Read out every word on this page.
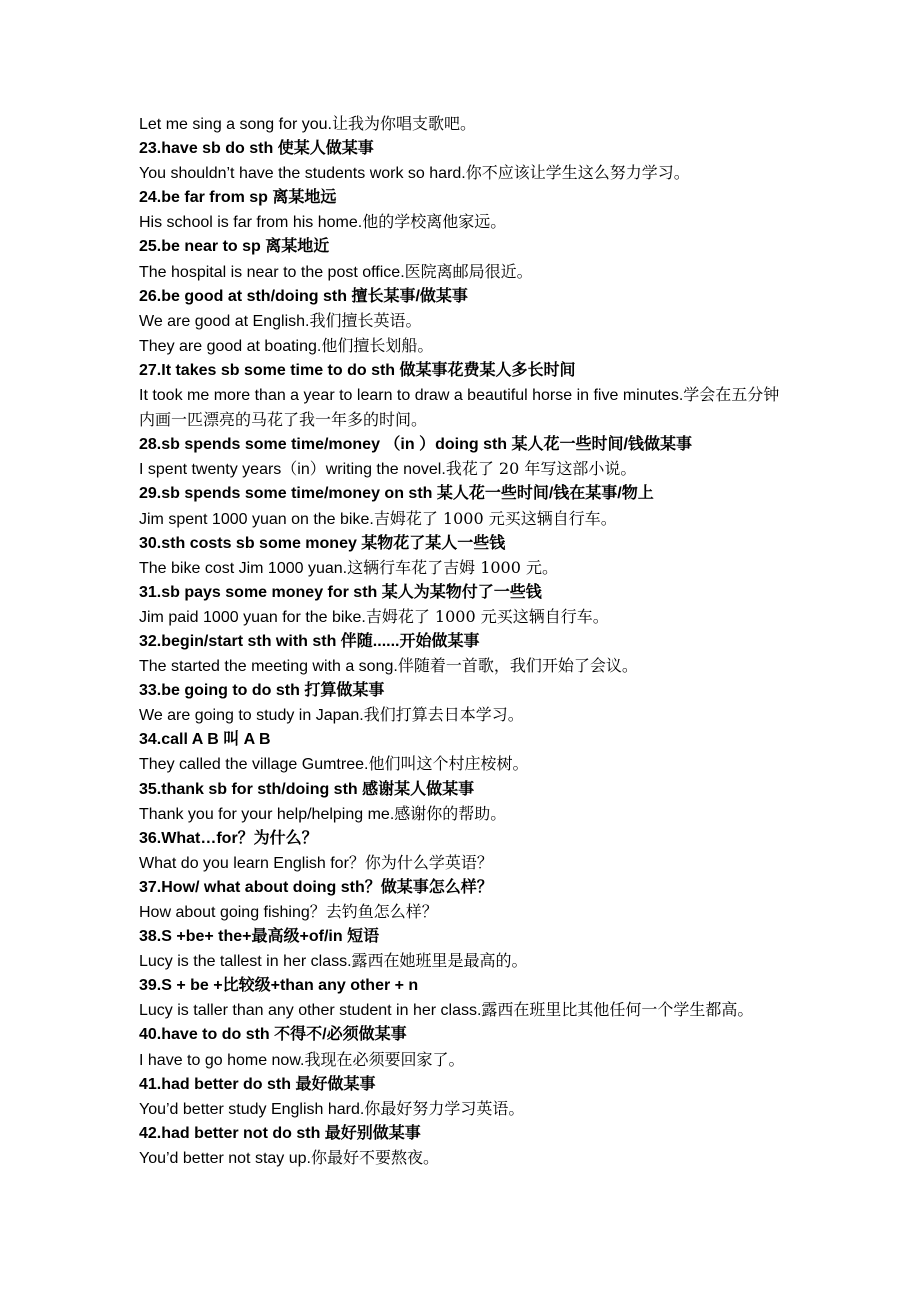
Let me sing a song for you.让我为你唱支歌吧。
23.have sb do sth 使某人做某事
You shouldn’t have the students work so hard.你不应该让学生这么努力学习。
24.be far from sp 离某地远
His school is far from his home.他的学校离他家远。
25.be near to sp 离某地近
The hospital is near to the post office.医院离邮局很近。
26.be good at sth/doing sth 擅长某事/做某事
We are good at English.我们擅长英语。
They are good at boating.他们擅长划船。
27.It takes sb some time to do sth 做某事花费某人多长时间
It took me more than a year to learn to draw a beautiful horse in five minutes.学会在五分钟内画一匹漂亮的马花了我一年多的时间。
28.sb spends some time/money （in ）doing sth 某人花一些时间/钱做某事
I spent twenty years（in）writing the novel.我花了 20 年写这部小说。
29.sb spends some time/money on sth 某人花一些时间/钱在某事/物上
Jim spent 1000 yuan on the bike.吉姆花了 1000 元买这辆自行车。
30.sth costs sb some money 某物花了某人一些钱
The bike cost Jim 1000 yuan.这辆行车花了吉姆 1000 元。
31.sb pays some money for sth 某人为某物付了一些钱
Jim paid 1000 yuan for the bike.吉姆花了 1000 元买这辆自行车。
32.begin/start sth with sth 伴随......开始做某事
The started the meeting with a song.伴随着一首歌，我们开始了会议。
33.be going to do sth 打算做某事
We are going to study in Japan.我们打算去日本学习。
34.call A B 叫 A B
They called the village Gumtree.他们叫这个村庄桉树。
35.thank sb for sth/doing sth 感谢某人做某事
Thank you for your help/helping me.感谢你的帮助。
36.What…for？为什么？
What do you learn English for？你为什么学英语？
37.How/ what about doing sth？做某事怎么样？
How about going fishing？去钓鱼怎么样？
38.S +be+ the+最高级+of/in 短语
Lucy is the tallest in her class.露西在她班里是最高的。
39.S + be +比较级+than any other + n
Lucy is taller than any other student in her class.露西在班里比其他任何一个学生都高。
40.have to do sth 不得不/必须做某事
I have to go home now.我现在必须要回家了。
41.had better do sth 最好做某事
You’d better study English hard.你最好努力学习英语。
42.had better not do sth 最好别做某事
You’d better not stay up.你最好不要熬夜。
